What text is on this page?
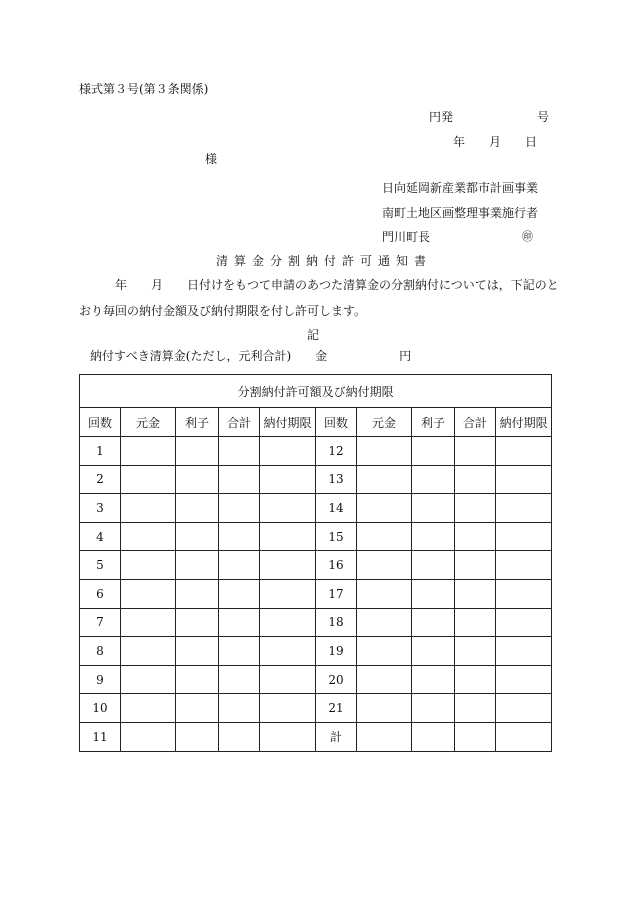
様式第３号(第３条関係)
円発　　　　　　　号
年　　月　　日
様
日向延岡新産業都市計画事業
南町土地区画整理事業施行者
門川町長	㊞
清算金分割納付許可通知書
年　　月　　日付けをもつて申請のあつた清算金の分割納付については，下記のと
おり毎回の納付金額及び納付期限を付し許可します。
記
納付すべき清算金(ただし，元利合計)　　金　　　　　　円
分割納付許可額及び納付期限									
回数	元金	利子	合計	納付期限	回数	元金	利子	合計	納付期限
1					12				
2					13				
3					14				
4					15				
5					16				
6					17				
7					18				
8					19				
9					20				
10					21				
11					計				
